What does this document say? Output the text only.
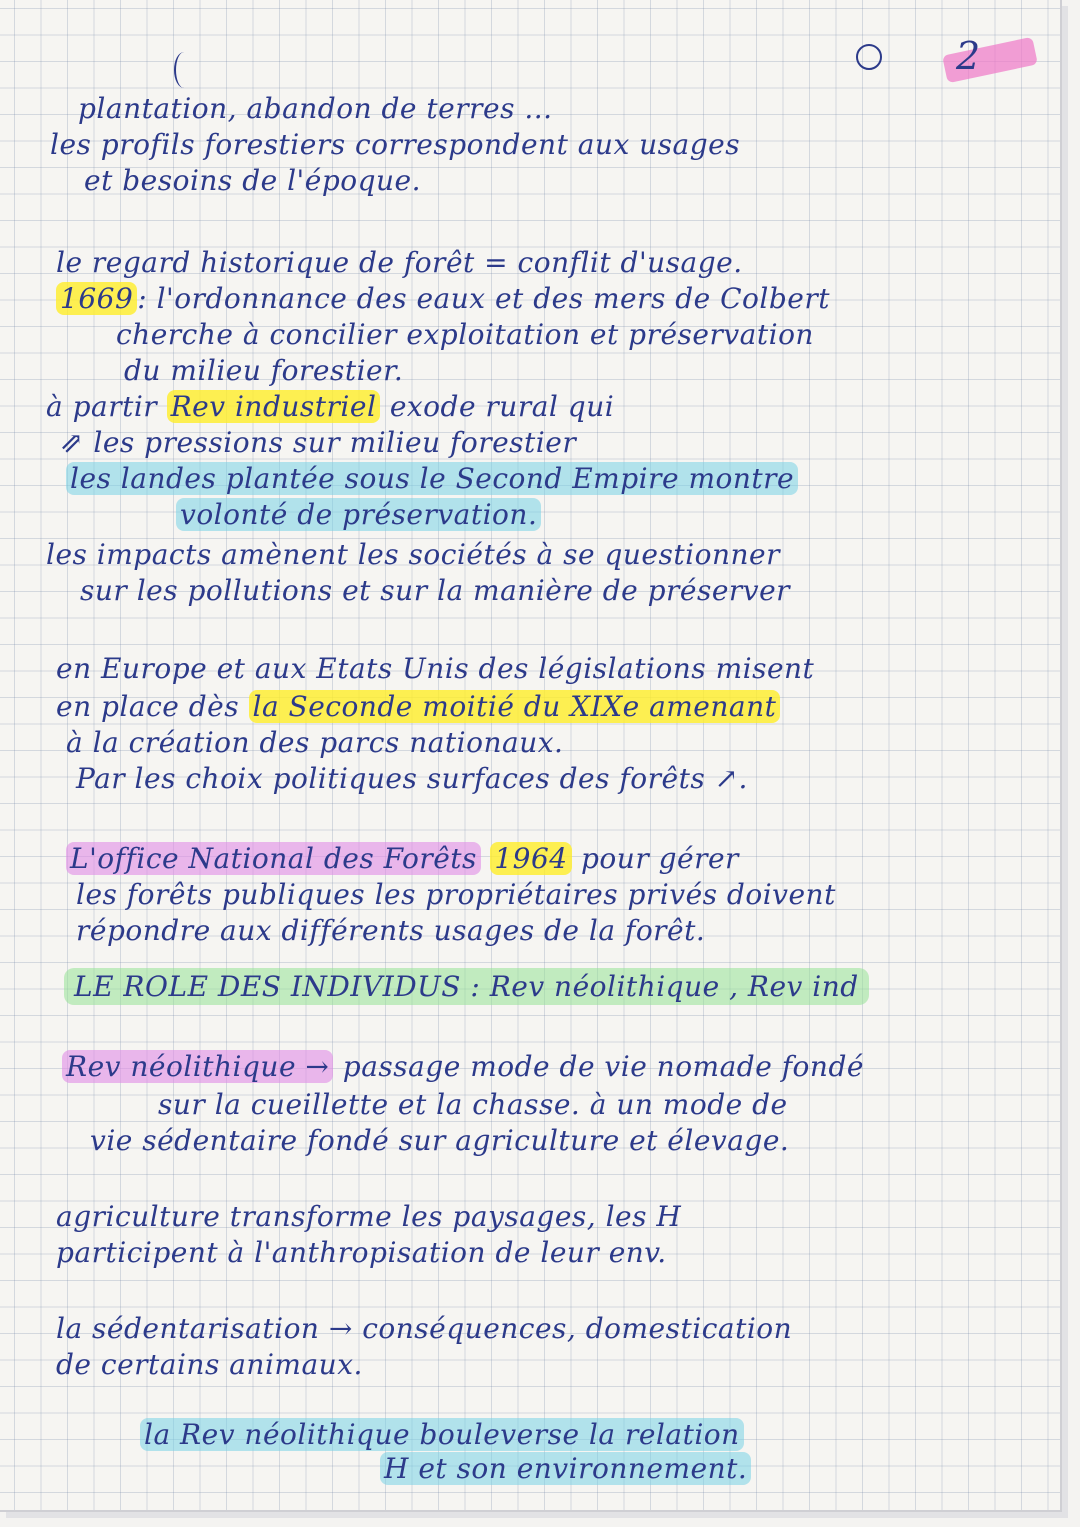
2
plantation, abandon de terres ...
les profils forestiers correspondent aux usages
et besoins de l'époque.
le regard historique de forêt = conflit d'usage.
1669 : l'ordonnance des eaux et des mers de Colbert
cherche à concilier exploitation et préservation
du milieu forestier.
à partir Rev industriel exode rural qui
⇗ les pressions sur milieu forestier
les landes plantée sous le Second Empire montre
volonté de préservation.
les impacts amènent les sociétés à se questionner
sur les pollutions et sur la manière de préserver
en Europe et aux Etats Unis des législations misent
en place dès la Seconde moitié du XIXe amenant
à la création des parcs nationaux.
Par les choix politiques surfaces des forêts ↗.
L'office National des Forêts 1964 pour gérer
les forêts publiques les propriétaires privés doivent
répondre aux différents usages de la forêt.
LE ROLE DES INDIVIDUS : Rev néolithique , Rev ind
Rev néolithique → passage mode de vie nomade fondé
sur la cueillette et la chasse. à un mode de
vie sédentaire fondé sur agriculture et élevage.
agriculture transforme les paysages, les H
participent à l'anthropisation de leur env.
la sédentarisation → conséquences, domestication
de certains animaux.
la Rev néolithique bouleverse la relation
H et son environnement.
